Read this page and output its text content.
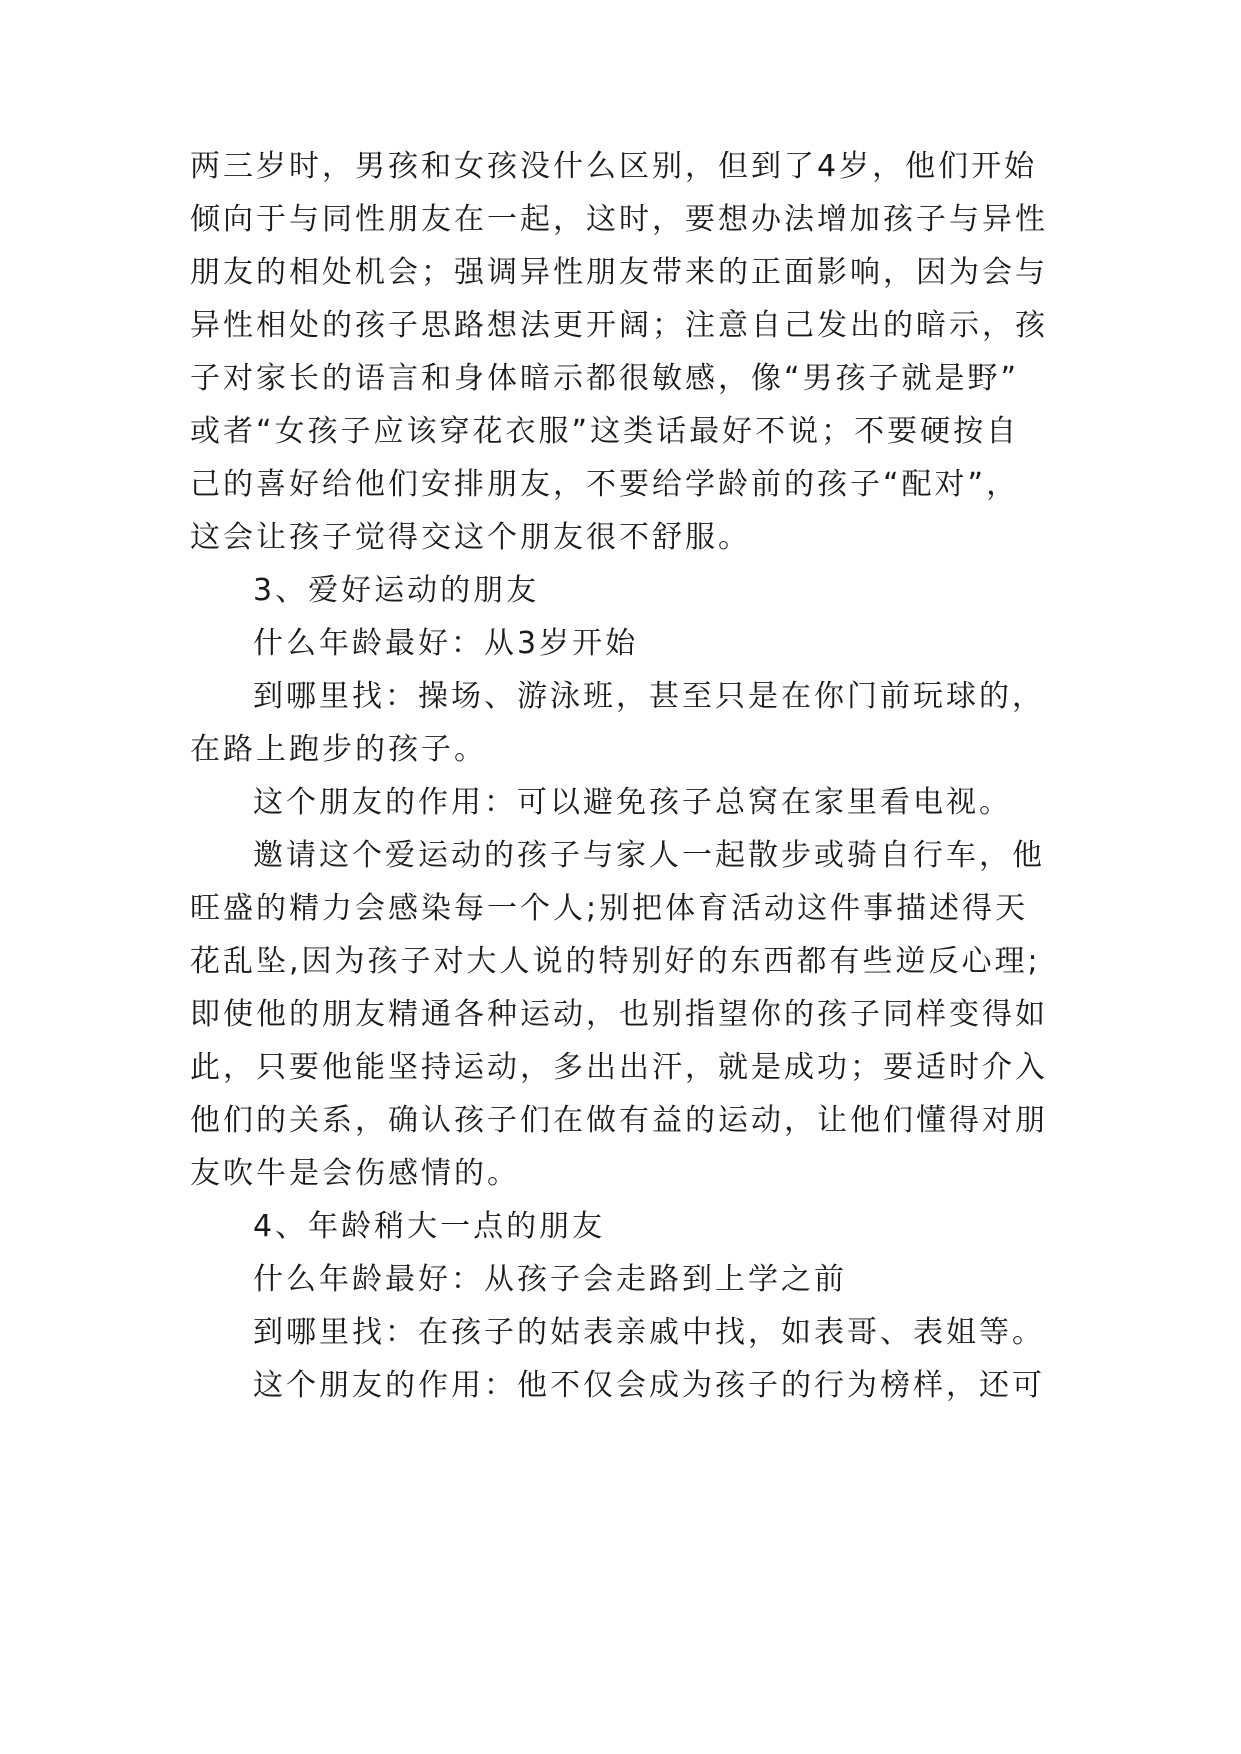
两三岁时，男孩和女孩没什么区别，但到了4岁，他们开始
倾向于与同性朋友在一起，这时，要想办法增加孩子与异性
朋友的相处机会；强调异性朋友带来的正面影响，因为会与
异性相处的孩子思路想法更开阔；注意自己发出的暗示，孩
子对家长的语言和身体暗示都很敏感，像“男孩子就是野”
或者“女孩子应该穿花衣服”这类话最好不说；不要硬按自
己的喜好给他们安排朋友，不要给学龄前的孩子“配对”，
这会让孩子觉得交这个朋友很不舒服。
3、爱好运动的朋友
什么年龄最好：从3岁开始
到哪里找：操场、游泳班，甚至只是在你门前玩球的，
在路上跑步的孩子。
这个朋友的作用：可以避免孩子总窝在家里看电视。
邀请这个爱运动的孩子与家人一起散步或骑自行车，他
旺盛的精力会感染每一个人;别把体育活动这件事描述得天
花乱坠,因为孩子对大人说的特别好的东西都有些逆反心理;
即使他的朋友精通各种运动，也别指望你的孩子同样变得如
此，只要他能坚持运动，多出出汗，就是成功；要适时介入
他们的关系，确认孩子们在做有益的运动，让他们懂得对朋
友吹牛是会伤感情的。
4、年龄稍大一点的朋友
什么年龄最好：从孩子会走路到上学之前
到哪里找：在孩子的姑表亲戚中找，如表哥、表姐等。
这个朋友的作用：他不仅会成为孩子的行为榜样，还可
